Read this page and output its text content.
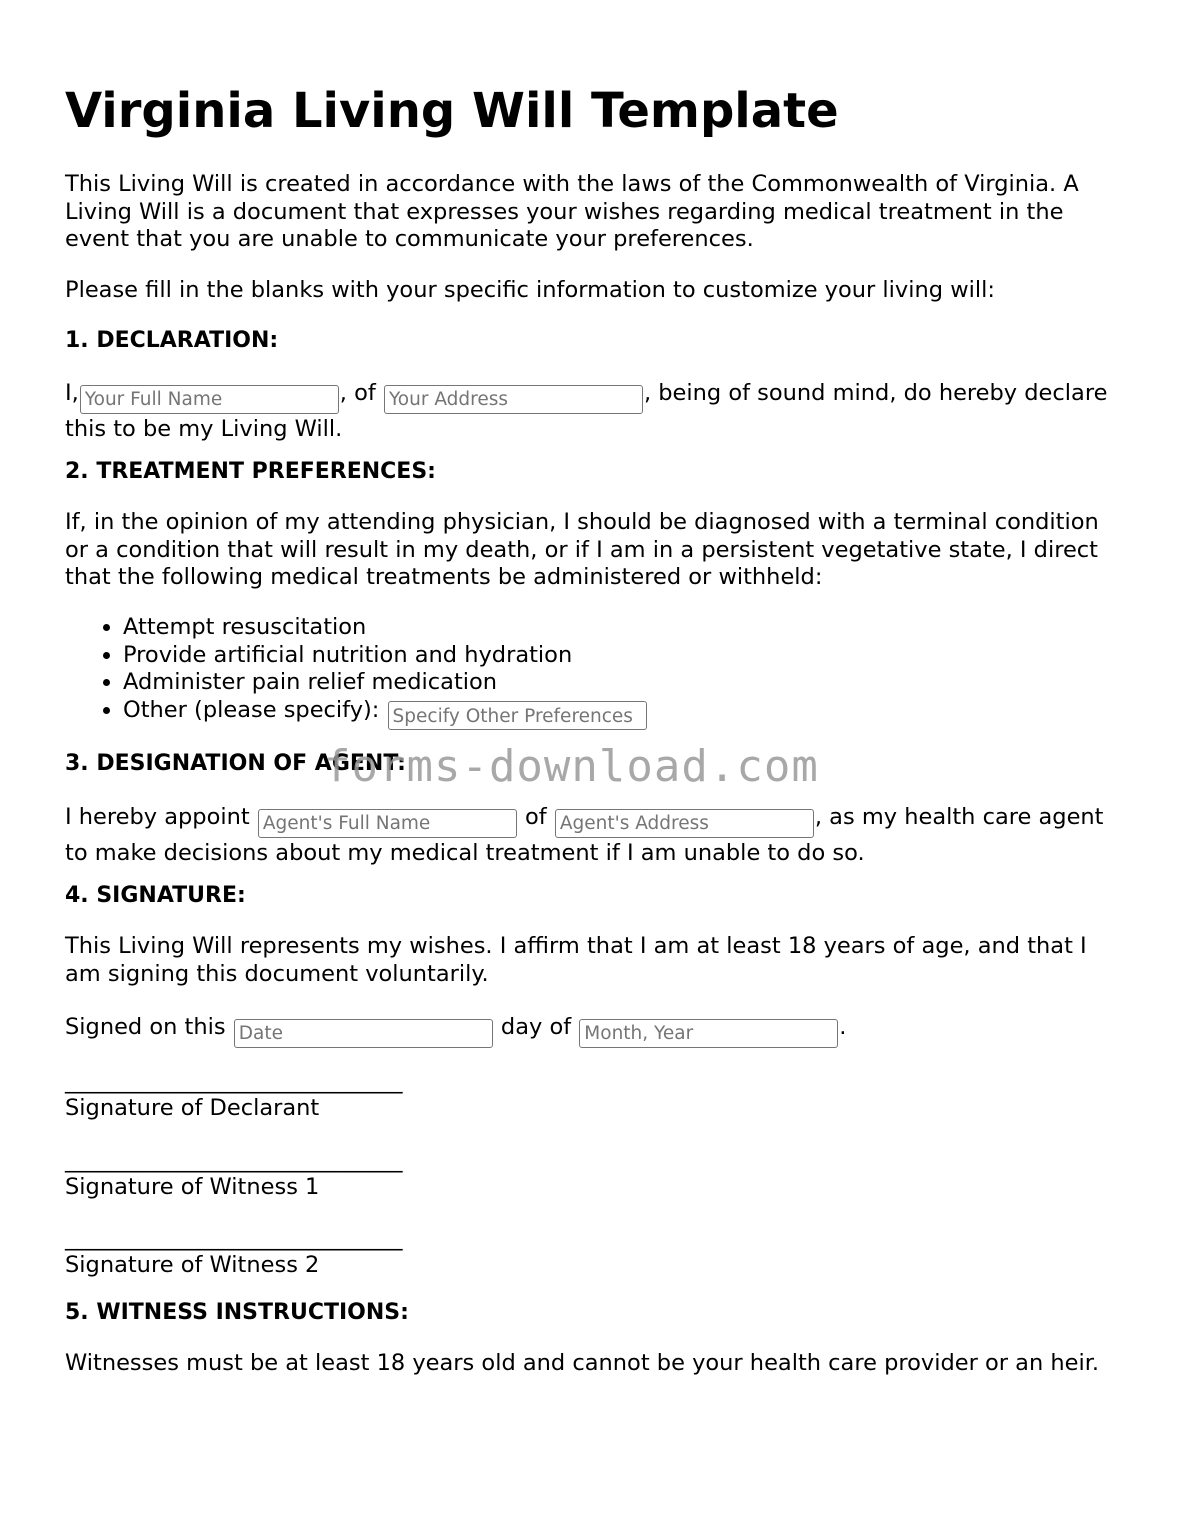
Virginia Living Will Template

This Living Will is created in accordance with the laws of the Commonwealth of Virginia. A Living Will is a document that expresses your wishes regarding medical treatment in the event that you are unable to communicate your preferences.

Please fill in the blanks with your specific information to customize your living will:

1. DECLARATION:

I,Your Full Name	, of Your Address	, being of sound mind, do hereby declare this to be my Living Will.

2. TREATMENT PREFERENCES:

If, in the opinion of my attending physician, I should be diagnosed with a terminal condition or a condition that will result in my death, or if I am in a persistent vegetative state, I direct that the following medical treatments be administered or withheld:

• Attempt resuscitation
• Provide artificial nutrition and hydration
• Administer pain relief medication
• Other (please specify): Specify Other Preferences
3. DESIGNATION OF AGENT:

I hereby appoint Agent's Full Name	of Agent's Address	, as my health care agent to make decisions about my medical treatment if I am unable to do so.

4. SIGNATURE:

This Living Will represents my wishes. I affirm that I am at least 18 years of age, and that I am signing this document voluntarily.

Signed on this Date	day of Month, Year	.

______________________________
Signature of Declarant
______________________________
Signature of Witness 1
______________________________
Signature of Witness 2
5. WITNESS INSTRUCTIONS:

Witnesses must be at least 18 years old and cannot be your health care provider or an heir.

forms-download.com
